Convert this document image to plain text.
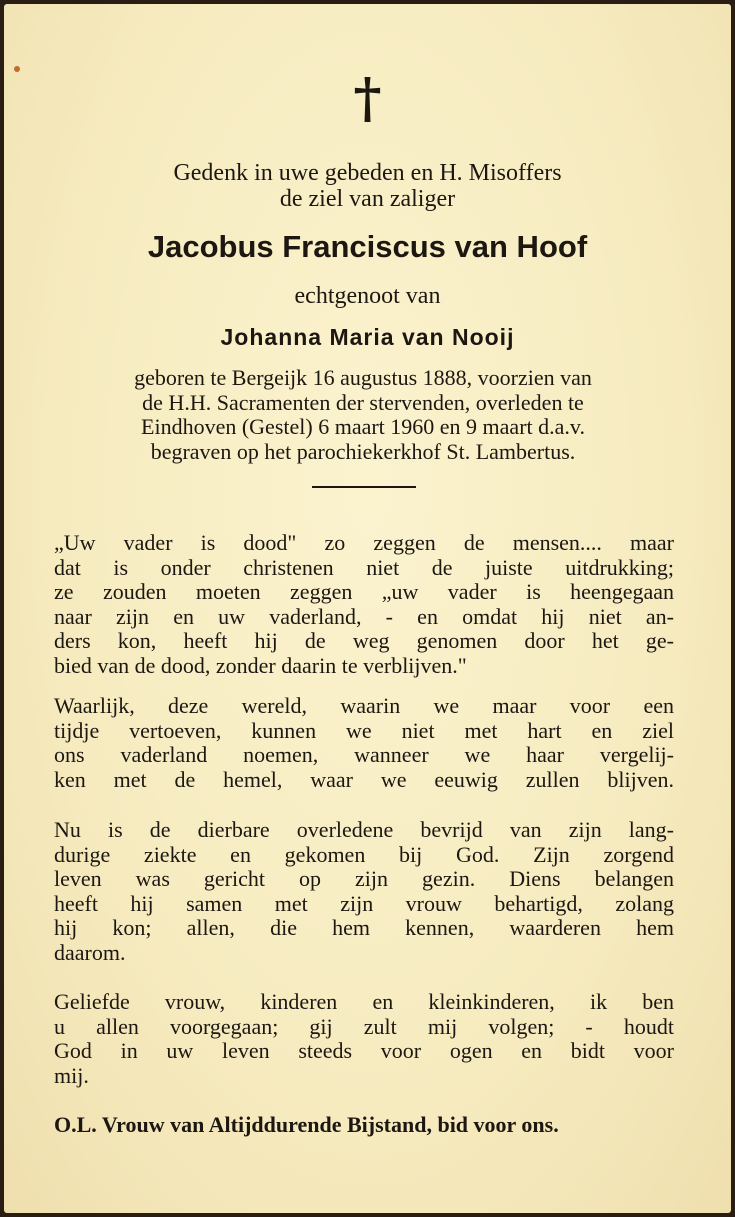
†
Gedenk in uwe gebeden en H. Misoffers
de ziel van zaliger
Jacobus Franciscus van Hoof
echtgenoot van
Johanna Maria van Nooij
geboren te Bergeijk 16 augustus 1888, voorzien van
de H.H. Sacramenten der stervenden, overleden te
Eindhoven (Gestel) 6 maart 1960 en 9 maart d.a.v.
begraven op het parochiekerkhof St. Lambertus.
„Uw vader is dood" zo zeggen de mensen.... maar
dat is onder christenen niet de juiste uitdrukking;
ze zouden moeten zeggen „uw vader is heengegaan
naar zijn en uw vaderland, - en omdat hij niet an-
ders kon, heeft hij de weg genomen door het ge-
bied van de dood, zonder daarin te verblijven."
Waarlijk, deze wereld, waarin we maar voor een
tijdje vertoeven, kunnen we niet met hart en ziel
ons vaderland noemen, wanneer we haar vergelij-
ken met de hemel, waar we eeuwig zullen blijven.
Nu is de dierbare overledene bevrijd van zijn lang-
durige ziekte en gekomen bij God. Zijn zorgend
leven was gericht op zijn gezin. Diens belangen
heeft hij samen met zijn vrouw behartigd, zolang
hij kon; allen, die hem kennen, waarderen hem
daarom.
Geliefde vrouw, kinderen en kleinkinderen, ik ben
u allen voorgegaan; gij zult mij volgen; - houdt
God in uw leven steeds voor ogen en bidt voor
mij.
O.L. Vrouw van Altijddurende Bijstand, bid voor ons.
